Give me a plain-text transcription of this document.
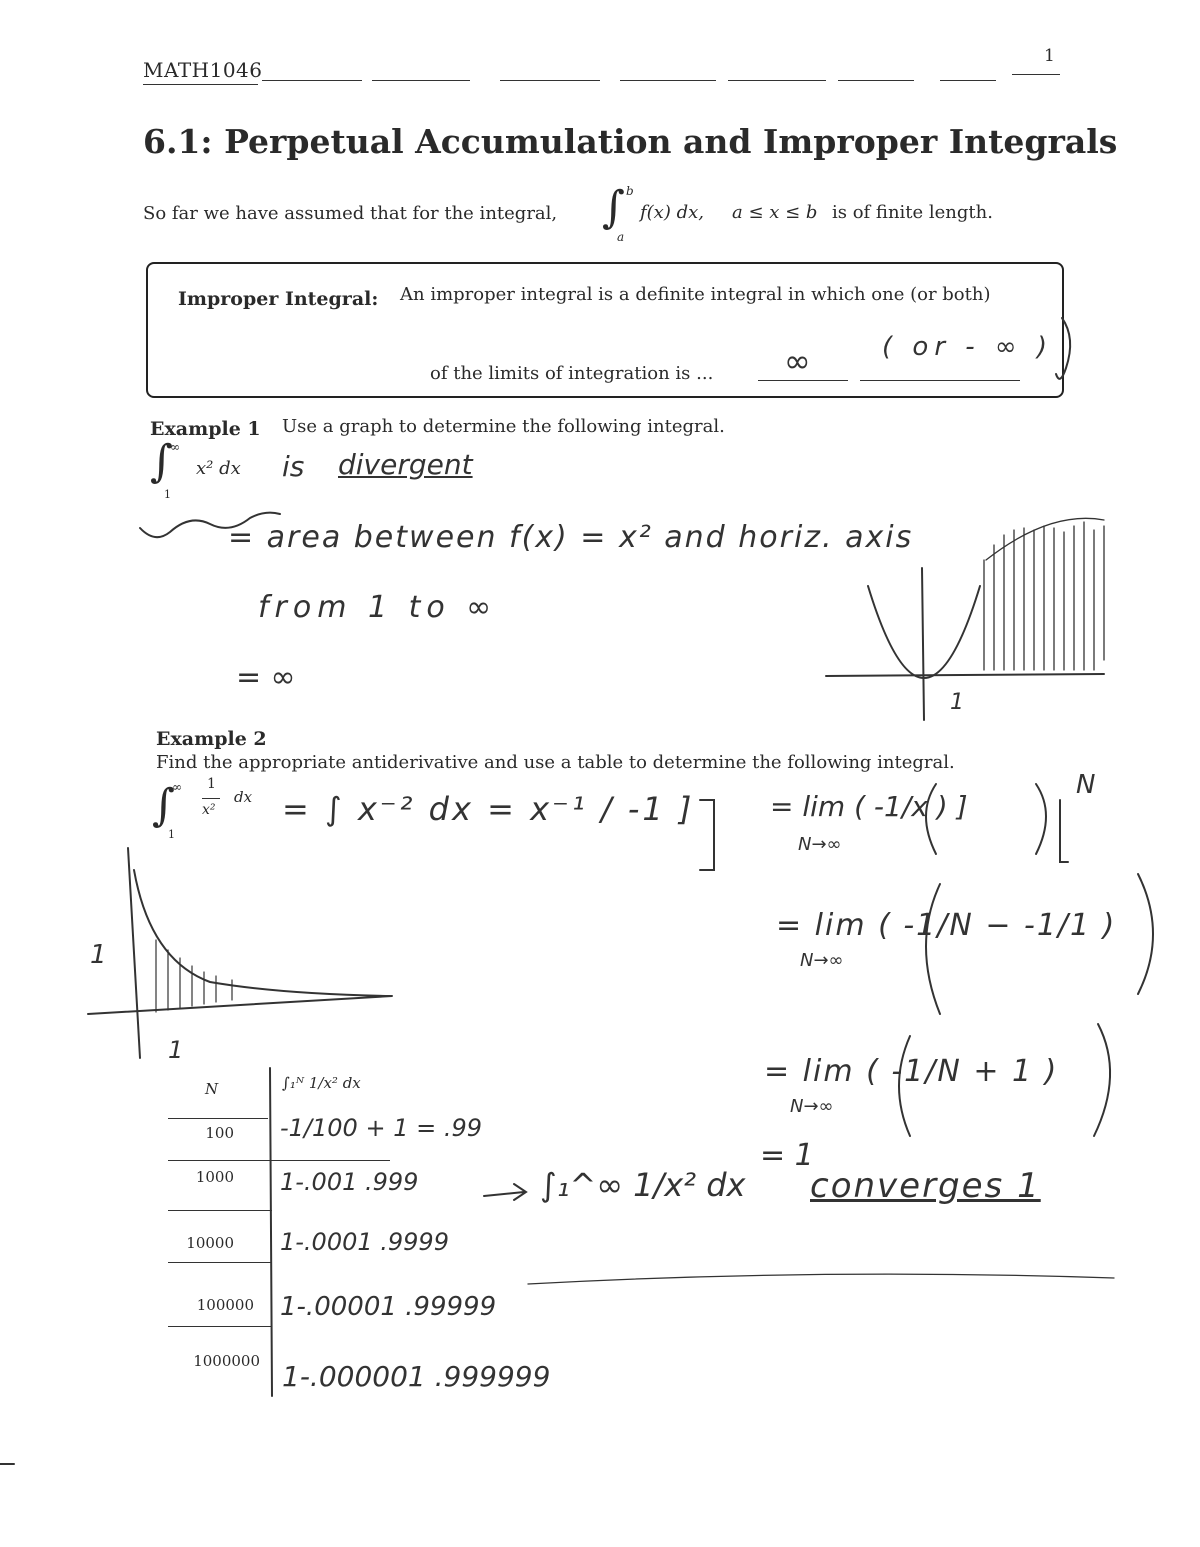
MATH1046
1
6.1: Perpetual Accumulation and Improper Integrals
So far we have assumed that for the integral, ∫ b
a
f(x) dx, a ≤ x ≤ b is of finite length.
Improper Integral: An improper integral is a definite integral in which one (or both)
of the limits of integration is ... ∞	( or - ∞ )
Example 1 Use a graph to determine the following integral.
∫
∞
1
x² dx is divergent
= area between f(x) = x² and horiz. axis
from 1 to ∞
= ∞
1
Example 2
Find the appropriate antiderivative and use a table to determine the following integral.
∫
∞
1
1
x²
dx = ∫ x⁻² dx = x⁻¹ / -1 ]	= lim ( -1/x ) ]
N→∞
N
= lim ( -1/N − -1/1 )
N→∞
= lim ( -1/N + 1 )
N→∞
= 1
1
1
N	∫₁ᴺ 1/x² dx
100 -1/100 + 1 = .99
1000 1-.001 .999
10000 1-.0001 .9999
100000 1-.00001 .99999
1000000 1-.000001 .999999
∫₁^∞ 1/x² dx converges 1
